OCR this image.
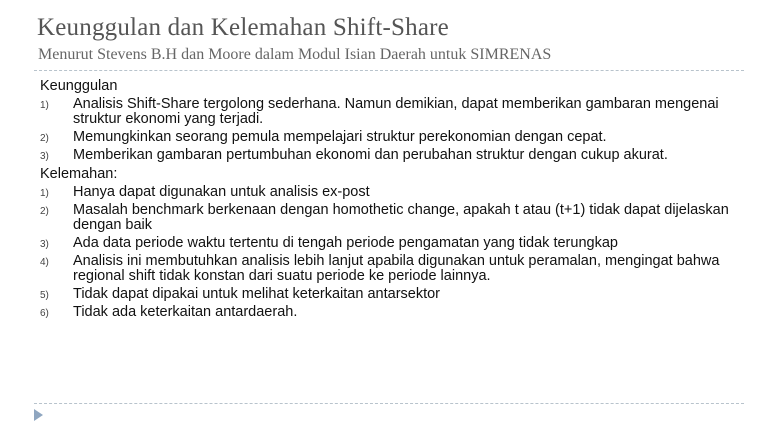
Keunggulan dan Kelemahan Shift-Share
Menurut Stevens B.H dan Moore dalam Modul Isian Daerah untuk SIMRENAS
Keunggulan
1) Analisis Shift-Share tergolong sederhana. Namun demikian, dapat memberikan gambaran mengenai struktur ekonomi yang terjadi.
2) Memungkinkan seorang pemula mempelajari struktur perekonomian dengan cepat.
3) Memberikan gambaran pertumbuhan ekonomi dan perubahan struktur dengan cukup akurat.
Kelemahan:
1) Hanya dapat digunakan untuk analisis ex-post
2) Masalah benchmark berkenaan dengan homothetic change, apakah t atau (t+1) tidak dapat dijelaskan dengan baik
3) Ada data periode waktu tertentu di tengah periode pengamatan yang tidak terungkap
4) Analisis ini membutuhkan analisis lebih lanjut apabila digunakan untuk peramalan, mengingat bahwa regional shift tidak konstan dari suatu periode ke periode lainnya.
5) Tidak dapat dipakai untuk melihat keterkaitan antarsektor
6) Tidak ada keterkaitan antardaerah.
